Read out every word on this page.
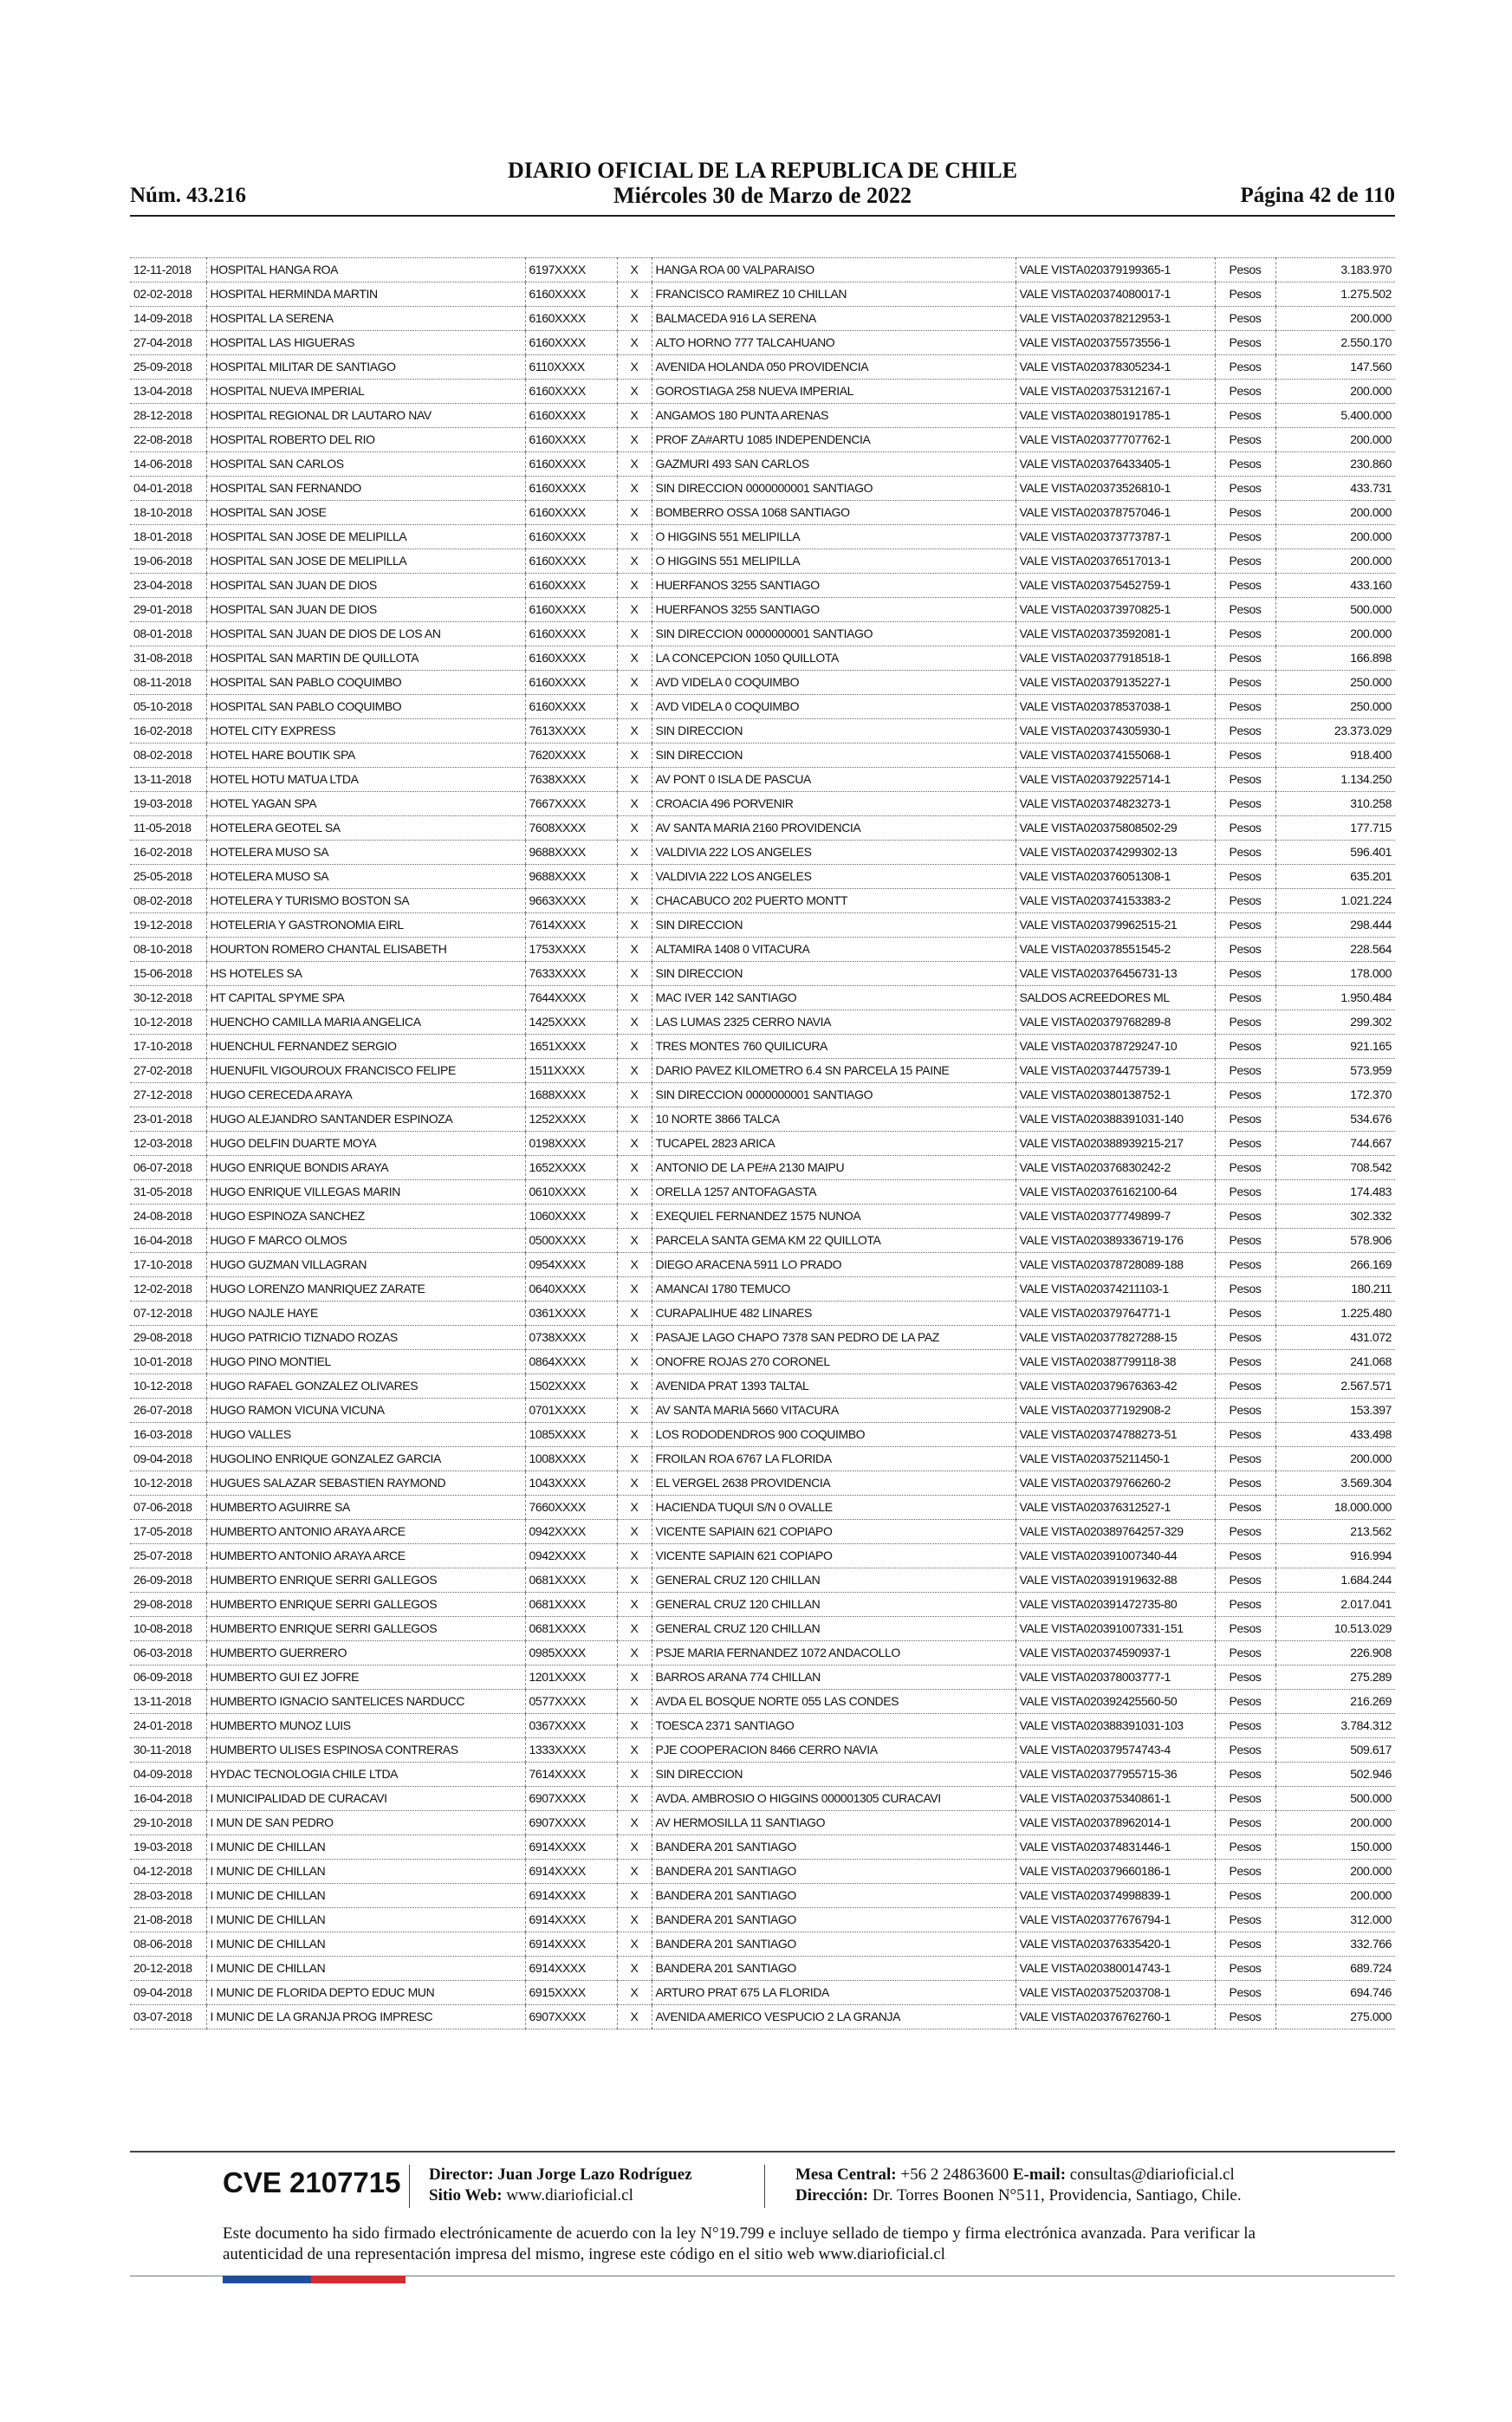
Núm. 43.216
DIARIO OFICIAL DE LA REPUBLICA DE CHILE
Miércoles 30 de Marzo de 2022	Página 42 de 110
12-11-2018	HOSPITAL HANGA ROA	6197XXXX	X	HANGA ROA 00 VALPARAISO	VALE VISTA020379199365-1	Pesos	3.183.970
02-02-2018	HOSPITAL HERMINDA MARTIN	6160XXXX	X	FRANCISCO RAMIREZ 10 CHILLAN	VALE VISTA020374080017-1	Pesos	1.275.502
14-09-2018	HOSPITAL LA SERENA	6160XXXX	X	BALMACEDA 916 LA SERENA	VALE VISTA020378212953-1	Pesos	200.000
27-04-2018	HOSPITAL LAS HIGUERAS	6160XXXX	X	ALTO HORNO 777 TALCAHUANO	VALE VISTA020375573556-1	Pesos	2.550.170
25-09-2018	HOSPITAL MILITAR DE SANTIAGO	6110XXXX	X	AVENIDA HOLANDA 050 PROVIDENCIA	VALE VISTA020378305234-1	Pesos	147.560
13-04-2018	HOSPITAL NUEVA IMPERIAL	6160XXXX	X	GOROSTIAGA 258 NUEVA IMPERIAL	VALE VISTA020375312167-1	Pesos	200.000
28-12-2018	HOSPITAL REGIONAL DR LAUTARO NAV	6160XXXX	X	ANGAMOS 180 PUNTA ARENAS	VALE VISTA020380191785-1	Pesos	5.400.000
22-08-2018	HOSPITAL ROBERTO DEL RIO	6160XXXX	X	PROF ZA#ARTU 1085 INDEPENDENCIA	VALE VISTA020377707762-1	Pesos	200.000
14-06-2018	HOSPITAL SAN CARLOS	6160XXXX	X	GAZMURI 493 SAN CARLOS	VALE VISTA020376433405-1	Pesos	230.860
04-01-2018	HOSPITAL SAN FERNANDO	6160XXXX	X	SIN DIRECCION 0000000001 SANTIAGO	VALE VISTA020373526810-1	Pesos	433.731
18-10-2018	HOSPITAL SAN JOSE	6160XXXX	X	BOMBERRO OSSA 1068 SANTIAGO	VALE VISTA020378757046-1	Pesos	200.000
18-01-2018	HOSPITAL SAN JOSE DE MELIPILLA	6160XXXX	X	O HIGGINS 551 MELIPILLA	VALE VISTA020373773787-1	Pesos	200.000
19-06-2018	HOSPITAL SAN JOSE DE MELIPILLA	6160XXXX	X	O HIGGINS 551 MELIPILLA	VALE VISTA020376517013-1	Pesos	200.000
23-04-2018	HOSPITAL SAN JUAN DE DIOS	6160XXXX	X	HUERFANOS 3255 SANTIAGO	VALE VISTA020375452759-1	Pesos	433.160
29-01-2018	HOSPITAL SAN JUAN DE DIOS	6160XXXX	X	HUERFANOS 3255 SANTIAGO	VALE VISTA020373970825-1	Pesos	500.000
08-01-2018	HOSPITAL SAN JUAN DE DIOS DE LOS AN	6160XXXX	X	SIN DIRECCION 0000000001 SANTIAGO	VALE VISTA020373592081-1	Pesos	200.000
31-08-2018	HOSPITAL SAN MARTIN DE QUILLOTA	6160XXXX	X	LA CONCEPCION 1050 QUILLOTA	VALE VISTA020377918518-1	Pesos	166.898
08-11-2018	HOSPITAL SAN PABLO COQUIMBO	6160XXXX	X	AVD VIDELA 0 COQUIMBO	VALE VISTA020379135227-1	Pesos	250.000
05-10-2018	HOSPITAL SAN PABLO COQUIMBO	6160XXXX	X	AVD VIDELA 0 COQUIMBO	VALE VISTA020378537038-1	Pesos	250.000
16-02-2018	HOTEL CITY EXPRESS	7613XXXX	X	SIN DIRECCION	VALE VISTA020374305930-1	Pesos	23.373.029
08-02-2018	HOTEL HARE BOUTIK SPA	7620XXXX	X	SIN DIRECCION	VALE VISTA020374155068-1	Pesos	918.400
13-11-2018	HOTEL HOTU MATUA LTDA	7638XXXX	X	AV PONT 0 ISLA DE PASCUA	VALE VISTA020379225714-1	Pesos	1.134.250
19-03-2018	HOTEL YAGAN SPA	7667XXXX	X	CROACIA 496 PORVENIR	VALE VISTA020374823273-1	Pesos	310.258
11-05-2018	HOTELERA GEOTEL SA	7608XXXX	X	AV SANTA MARIA 2160 PROVIDENCIA	VALE VISTA020375808502-29	Pesos	177.715
16-02-2018	HOTELERA MUSO SA	9688XXXX	X	VALDIVIA 222 LOS ANGELES	VALE VISTA020374299302-13	Pesos	596.401
25-05-2018	HOTELERA MUSO SA	9688XXXX	X	VALDIVIA 222 LOS ANGELES	VALE VISTA020376051308-1	Pesos	635.201
08-02-2018	HOTELERA Y TURISMO BOSTON SA	9663XXXX	X	CHACABUCO 202 PUERTO MONTT	VALE VISTA020374153383-2	Pesos	1.021.224
19-12-2018	HOTELERIA Y GASTRONOMIA EIRL	7614XXXX	X	SIN DIRECCION	VALE VISTA020379962515-21	Pesos	298.444
08-10-2018	HOURTON ROMERO CHANTAL ELISABETH	1753XXXX	X	ALTAMIRA 1408 0 VITACURA	VALE VISTA020378551545-2	Pesos	228.564
15-06-2018	HS HOTELES SA	7633XXXX	X	SIN DIRECCION	VALE VISTA020376456731-13	Pesos	178.000
30-12-2018	HT CAPITAL SPYME SPA	7644XXXX	X	MAC IVER 142 SANTIAGO	SALDOS ACREEDORES ML	Pesos	1.950.484
10-12-2018	HUENCHO CAMILLA MARIA ANGELICA	1425XXXX	X	LAS LUMAS 2325 CERRO NAVIA	VALE VISTA020379768289-8	Pesos	299.302
17-10-2018	HUENCHUL FERNANDEZ SERGIO	1651XXXX	X	TRES MONTES 760 QUILICURA	VALE VISTA020378729247-10	Pesos	921.165
27-02-2018	HUENUFIL VIGOUROUX FRANCISCO FELIPE	1511XXXX	X	DARIO PAVEZ KILOMETRO 6.4 SN PARCELA 15 PAINE	VALE VISTA020374475739-1	Pesos	573.959
27-12-2018	HUGO CERECEDA ARAYA	1688XXXX	X	SIN DIRECCION 0000000001 SANTIAGO	VALE VISTA020380138752-1	Pesos	172.370
23-01-2018	HUGO ALEJANDRO SANTANDER ESPINOZA	1252XXXX	X	10 NORTE 3866 TALCA	VALE VISTA020388391031-140	Pesos	534.676
12-03-2018	HUGO DELFIN DUARTE MOYA	0198XXXX	X	TUCAPEL 2823 ARICA	VALE VISTA020388939215-217	Pesos	744.667
06-07-2018	HUGO ENRIQUE BONDIS ARAYA	1652XXXX	X	ANTONIO DE LA PE#A 2130 MAIPU	VALE VISTA020376830242-2	Pesos	708.542
31-05-2018	HUGO ENRIQUE VILLEGAS MARIN	0610XXXX	X	ORELLA 1257 ANTOFAGASTA	VALE VISTA020376162100-64	Pesos	174.483
24-08-2018	HUGO ESPINOZA SANCHEZ	1060XXXX	X	EXEQUIEL FERNANDEZ 1575 NUNOA	VALE VISTA020377749899-7	Pesos	302.332
16-04-2018	HUGO F MARCO OLMOS	0500XXXX	X	PARCELA SANTA GEMA KM 22 QUILLOTA	VALE VISTA020389336719-176	Pesos	578.906
17-10-2018	HUGO GUZMAN VILLAGRAN	0954XXXX	X	DIEGO ARACENA 5911 LO PRADO	VALE VISTA020378728089-188	Pesos	266.169
12-02-2018	HUGO LORENZO MANRIQUEZ ZARATE	0640XXXX	X	AMANCAI 1780 TEMUCO	VALE VISTA020374211103-1	Pesos	180.211
07-12-2018	HUGO NAJLE HAYE	0361XXXX	X	CURAPALIHUE 482 LINARES	VALE VISTA020379764771-1	Pesos	1.225.480
29-08-2018	HUGO PATRICIO TIZNADO ROZAS	0738XXXX	X	PASAJE LAGO CHAPO 7378 SAN PEDRO DE LA PAZ	VALE VISTA020377827288-15	Pesos	431.072
10-01-2018	HUGO PINO MONTIEL	0864XXXX	X	ONOFRE ROJAS 270 CORONEL	VALE VISTA020387799118-38	Pesos	241.068
10-12-2018	HUGO RAFAEL GONZALEZ OLIVARES	1502XXXX	X	AVENIDA PRAT 1393 TALTAL	VALE VISTA020379676363-42	Pesos	2.567.571
26-07-2018	HUGO RAMON VICUNA VICUNA	0701XXXX	X	AV SANTA MARIA 5660 VITACURA	VALE VISTA020377192908-2	Pesos	153.397
16-03-2018	HUGO VALLES	1085XXXX	X	LOS RODODENDROS 900 COQUIMBO	VALE VISTA020374788273-51	Pesos	433.498
09-04-2018	HUGOLINO ENRIQUE GONZALEZ GARCIA	1008XXXX	X	FROILAN ROA 6767 LA FLORIDA	VALE VISTA020375211450-1	Pesos	200.000
10-12-2018	HUGUES SALAZAR SEBASTIEN RAYMOND	1043XXXX	X	EL VERGEL 2638 PROVIDENCIA	VALE VISTA020379766260-2	Pesos	3.569.304
07-06-2018	HUMBERTO AGUIRRE SA	7660XXXX	X	HACIENDA TUQUI S/N 0 OVALLE	VALE VISTA020376312527-1	Pesos	18.000.000
17-05-2018	HUMBERTO ANTONIO ARAYA ARCE	0942XXXX	X	VICENTE SAPIAIN 621 COPIAPO	VALE VISTA020389764257-329	Pesos	213.562
25-07-2018	HUMBERTO ANTONIO ARAYA ARCE	0942XXXX	X	VICENTE SAPIAIN 621 COPIAPO	VALE VISTA020391007340-44	Pesos	916.994
26-09-2018	HUMBERTO ENRIQUE SERRI GALLEGOS	0681XXXX	X	GENERAL CRUZ 120 CHILLAN	VALE VISTA020391919632-88	Pesos	1.684.244
29-08-2018	HUMBERTO ENRIQUE SERRI GALLEGOS	0681XXXX	X	GENERAL CRUZ 120 CHILLAN	VALE VISTA020391472735-80	Pesos	2.017.041
10-08-2018	HUMBERTO ENRIQUE SERRI GALLEGOS	0681XXXX	X	GENERAL CRUZ 120 CHILLAN	VALE VISTA020391007331-151	Pesos	10.513.029
06-03-2018	HUMBERTO GUERRERO	0985XXXX	X	PSJE MARIA FERNANDEZ 1072 ANDACOLLO	VALE VISTA020374590937-1	Pesos	226.908
06-09-2018	HUMBERTO GUI EZ JOFRE	1201XXXX	X	BARROS ARANA 774 CHILLAN	VALE VISTA020378003777-1	Pesos	275.289
13-11-2018	HUMBERTO IGNACIO SANTELICES NARDUCC	0577XXXX	X	AVDA EL BOSQUE NORTE 055 LAS CONDES	VALE VISTA020392425560-50	Pesos	216.269
24-01-2018	HUMBERTO MUNOZ LUIS	0367XXXX	X	TOESCA 2371 SANTIAGO	VALE VISTA020388391031-103	Pesos	3.784.312
30-11-2018	HUMBERTO ULISES ESPINOSA CONTRERAS	1333XXXX	X	PJE COOPERACION 8466 CERRO NAVIA	VALE VISTA020379574743-4	Pesos	509.617
04-09-2018	HYDAC TECNOLOGIA CHILE LTDA	7614XXXX	X	SIN DIRECCION	VALE VISTA020377955715-36	Pesos	502.946
16-04-2018	I MUNICIPALIDAD DE CURACAVI	6907XXXX	X	AVDA. AMBROSIO O HIGGINS 000001305 CURACAVI	VALE VISTA020375340861-1	Pesos	500.000
29-10-2018	I MUN DE SAN PEDRO	6907XXXX	X	AV HERMOSILLA 11 SANTIAGO	VALE VISTA020378962014-1	Pesos	200.000
19-03-2018	I MUNIC DE CHILLAN	6914XXXX	X	BANDERA 201 SANTIAGO	VALE VISTA020374831446-1	Pesos	150.000
04-12-2018	I MUNIC DE CHILLAN	6914XXXX	X	BANDERA 201 SANTIAGO	VALE VISTA020379660186-1	Pesos	200.000
28-03-2018	I MUNIC DE CHILLAN	6914XXXX	X	BANDERA 201 SANTIAGO	VALE VISTA020374998839-1	Pesos	200.000
21-08-2018	I MUNIC DE CHILLAN	6914XXXX	X	BANDERA 201 SANTIAGO	VALE VISTA020377676794-1	Pesos	312.000
08-06-2018	I MUNIC DE CHILLAN	6914XXXX	X	BANDERA 201 SANTIAGO	VALE VISTA020376335420-1	Pesos	332.766
20-12-2018	I MUNIC DE CHILLAN	6914XXXX	X	BANDERA 201 SANTIAGO	VALE VISTA020380014743-1	Pesos	689.724
09-04-2018	I MUNIC DE FLORIDA DEPTO EDUC MUN	6915XXXX	X	ARTURO PRAT 675 LA FLORIDA	VALE VISTA020375203708-1	Pesos	694.746
03-07-2018	I MUNIC DE LA GRANJA PROG IMPRESC	6907XXXX	X	AVENIDA AMERICO VESPUCIO 2 LA GRANJA	VALE VISTA020376762760-1	Pesos	275.000
CVE 2107715 Director: Juan Jorge Lazo Rodríguez
Sitio Web: www.diarioficial.cl
Mesa Central: +56 2 24863600 E-mail: consultas@diarioficial.cl
Dirección: Dr. Torres Boonen N°511, Providencia, Santiago, Chile.
Este documento ha sido firmado electrónicamente de acuerdo con la ley N°19.799 e incluye sellado de tiempo y firma electrónica avanzada. Para verificar la autenticidad de una representación impresa del mismo, ingrese este código en el sitio web www.diarioficial.cl
